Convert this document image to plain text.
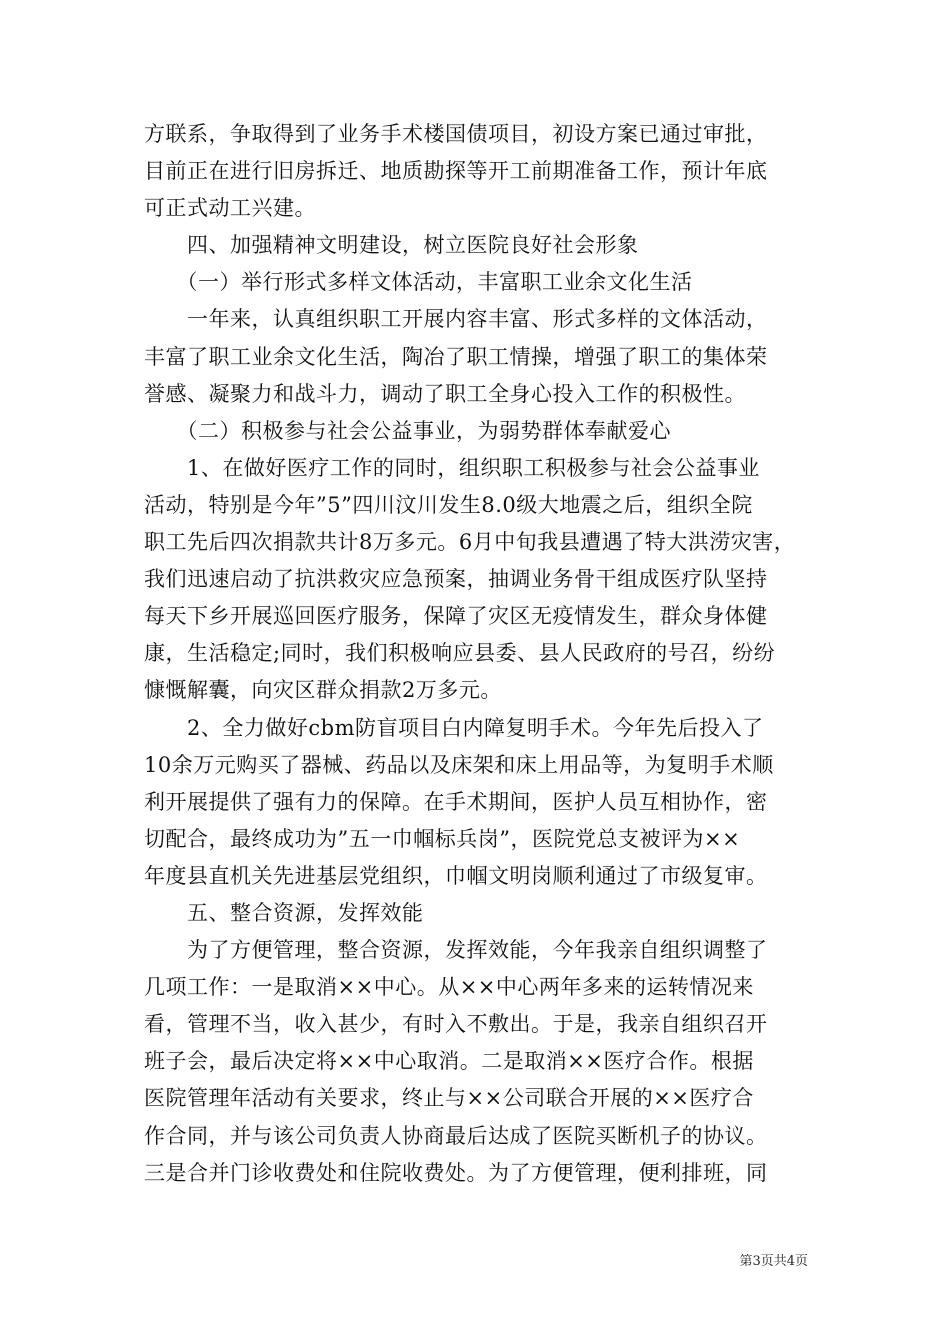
方联系，争取得到了业务手术楼国债项目，初设方案已通过审批，
目前正在进行旧房拆迁、地质勘探等开工前期准备工作，预计年底
可正式动工兴建。
　　四、加强精神文明建设，树立医院良好社会形象
　　（一）举行形式多样文体活动，丰富职工业余文化生活
　　一年来，认真组织职工开展内容丰富、形式多样的文体活动，
丰富了职工业余文化生活，陶冶了职工情操，增强了职工的集体荣
誉感、凝聚力和战斗力，调动了职工全身心投入工作的积极性。
　　（二）积极参与社会公益事业，为弱势群体奉献爱心
　　1、在做好医疗工作的同时，组织职工积极参与社会公益事业
活动，特别是今年”5”四川汶川发生8.0级大地震之后，组织全院
职工先后四次捐款共计8万多元。6月中旬我县遭遇了特大洪涝灾害，
我们迅速启动了抗洪救灾应急预案，抽调业务骨干组成医疗队坚持
每天下乡开展巡回医疗服务，保障了灾区无疫情发生，群众身体健
康，生活稳定;同时，我们积极响应县委、县人民政府的号召，纷纷
慷慨解囊，向灾区群众捐款2万多元。
　　2、全力做好cbm防盲项目白内障复明手术。今年先后投入了
10余万元购买了器械、药品以及床架和床上用品等，为复明手术顺
利开展提供了强有力的保障。在手术期间，医护人员互相协作，密
切配合，最终成功为”五一巾帼标兵岗”，医院党总支被评为××
年度县直机关先进基层党组织，巾帼文明岗顺利通过了市级复审。
　　五、整合资源，发挥效能
　　为了方便管理，整合资源，发挥效能，今年我亲自组织调整了
几项工作：一是取消××中心。从××中心两年多来的运转情况来
看，管理不当，收入甚少，有时入不敷出。于是，我亲自组织召开
班子会，最后决定将××中心取消。二是取消××医疗合作。根据
医院管理年活动有关要求，终止与××公司联合开展的××医疗合
作合同，并与该公司负责人协商最后达成了医院买断机子的协议。
三是合并门诊收费处和住院收费处。为了方便管理，便利排班，同
第3页共4页
